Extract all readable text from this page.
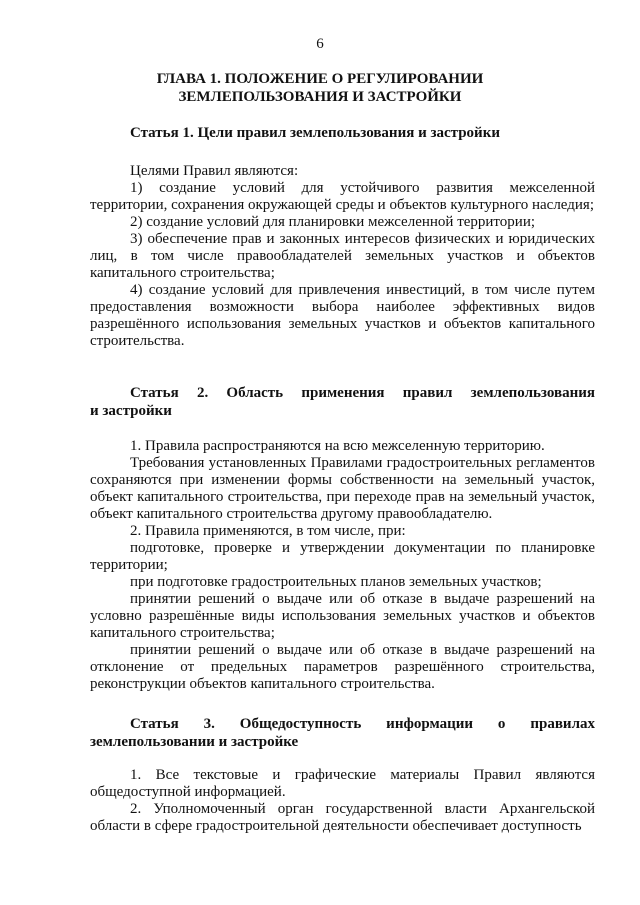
6
ГЛАВА 1. ПОЛОЖЕНИЕ О РЕГУЛИРОВАНИИ
ЗЕМЛЕПОЛЬЗОВАНИЯ И ЗАСТРОЙКИ
Статья 1. Цели правил землепользования и застройки

Целями Правил являются:

1) создание условий для устойчивого развития межселенной территории, сохранения окружающей среды и объектов культурного наследия;

2) создание условий для планировки межселенной территории;

3) обеспечение прав и законных интересов физических и юридических лиц, в том числе правообладателей земельных участков и объектов капитального строительства;

4) создание условий для привлечения инвестиций, в том числе путем предоставления возможности выбора наиболее эффективных видов разрешённого использования земельных участков и объектов капитального строительства.

Статья 2. Область применения правил землепользования
и застройки

1. Правила распространяются на всю межселенную территорию.

Требования установленных Правилами градостроительных регламентов сохраняются при изменении формы собственности на земельный участок, объект капитального строительства, при переходе прав на земельный участок, объект капитального строительства другому правообладателю.

2. Правила применяются, в том числе, при:

подготовке, проверке и утверждении документации по планировке территории;

при подготовке градостроительных планов земельных участков;

принятии решений о выдаче или об отказе в выдаче разрешений на условно разрешённые виды использования земельных участков и объектов капитального строительства;

принятии решений о выдаче или об отказе в выдаче разрешений на отклонение от предельных параметров разрешённого строительства, реконструкции объектов капитального строительства.

Статья 3. Общедоступность информации о правилах
землепользовании и застройке

1. Все текстовые и графические материалы Правил являются общедоступной информацией.

2. Уполномоченный орган государственной власти Архангельской области в сфере градостроительной деятельности обеспечивает доступность
